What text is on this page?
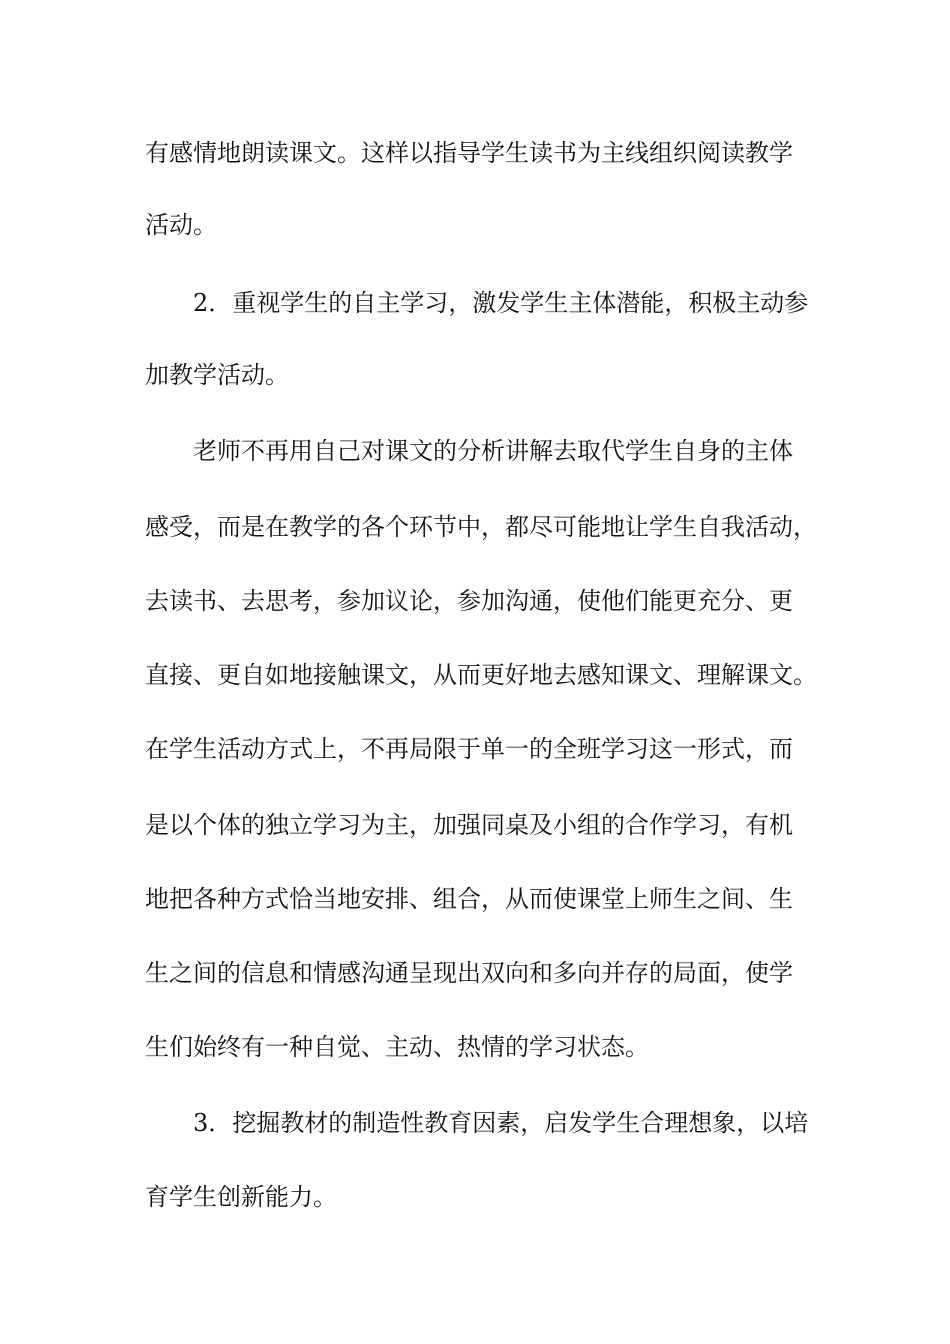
有感情地朗读课文。这样以指导学生读书为主线组织阅读教学
活动。
2．重视学生的自主学习，激发学生主体潜能，积极主动参
加教学活动。
老师不再用自己对课文的分析讲解去取代学生自身的主体
感受，而是在教学的各个环节中，都尽可能地让学生自我活动，
去读书、去思考，参加议论，参加沟通，使他们能更充分、更
直接、更自如地接触课文，从而更好地去感知课文、理解课文。
在学生活动方式上，不再局限于单一的全班学习这一形式，而
是以个体的独立学习为主，加强同桌及小组的合作学习，有机
地把各种方式恰当地安排、组合，从而使课堂上师生之间、生
生之间的信息和情感沟通呈现出双向和多向并存的局面，使学
生们始终有一种自觉、主动、热情的学习状态。
3．挖掘教材的制造性教育因素，启发学生合理想象，以培
育学生创新能力。
